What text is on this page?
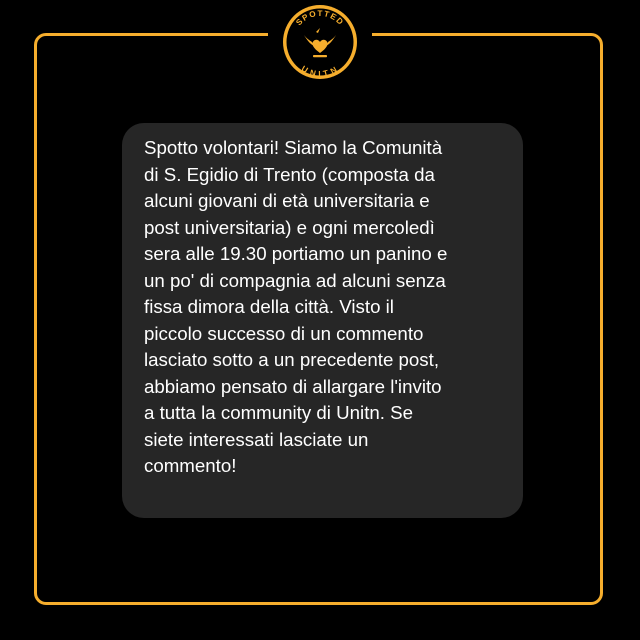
SPOTTED
UNITN

Spotto volontari! Siamo la Comunità
di S. Egidio di Trento (composta da
alcuni giovani di età universitaria e
post universitaria) e ogni mercoledì
sera alle 19.30 portiamo un panino e
un po' di compagnia ad alcuni senza
fissa dimora della città. Visto il
piccolo successo di un commento
lasciato sotto a un precedente post,
abbiamo pensato di allargare l'invito
a tutta la community di Unitn. Se
siete interessati lasciate un
commento!
